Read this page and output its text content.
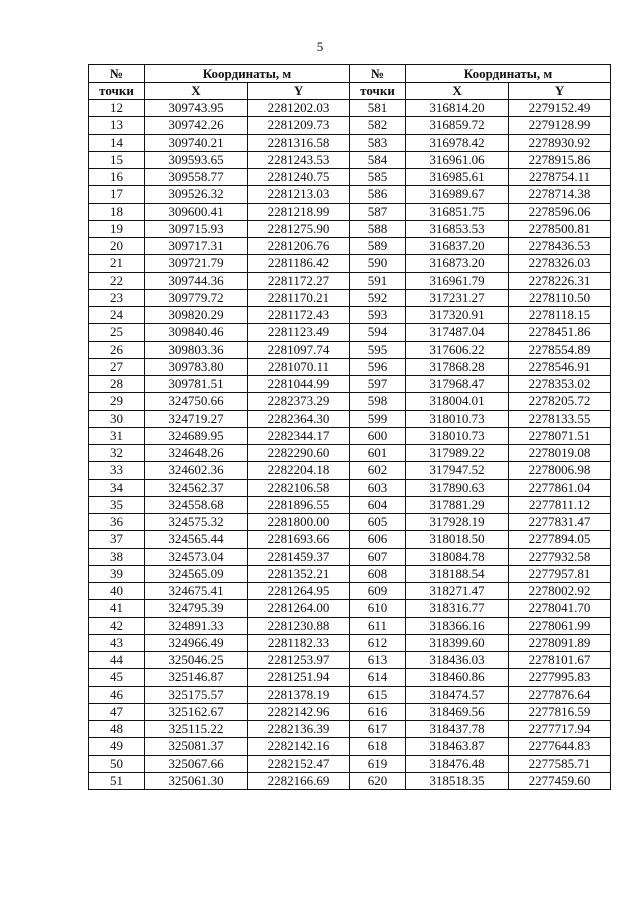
5
№	Координаты, м		№	Координаты, м	
точки	X	Y	точки	X	Y
12	309743.95	2281202.03	581	316814.20	2279152.49
13	309742.26	2281209.73	582	316859.72	2279128.99
14	309740.21	2281316.58	583	316978.42	2278930.92
15	309593.65	2281243.53	584	316961.06	2278915.86
16	309558.77	2281240.75	585	316985.61	2278754.11
17	309526.32	2281213.03	586	316989.67	2278714.38
18	309600.41	2281218.99	587	316851.75	2278596.06
19	309715.93	2281275.90	588	316853.53	2278500.81
20	309717.31	2281206.76	589	316837.20	2278436.53
21	309721.79	2281186.42	590	316873.20	2278326.03
22	309744.36	2281172.27	591	316961.79	2278226.31
23	309779.72	2281170.21	592	317231.27	2278110.50
24	309820.29	2281172.43	593	317320.91	2278118.15
25	309840.46	2281123.49	594	317487.04	2278451.86
26	309803.36	2281097.74	595	317606.22	2278554.89
27	309783.80	2281070.11	596	317868.28	2278546.91
28	309781.51	2281044.99	597	317968.47	2278353.02
29	324750.66	2282373.29	598	318004.01	2278205.72
30	324719.27	2282364.30	599	318010.73	2278133.55
31	324689.95	2282344.17	600	318010.73	2278071.51
32	324648.26	2282290.60	601	317989.22	2278019.08
33	324602.36	2282204.18	602	317947.52	2278006.98
34	324562.37	2282106.58	603	317890.63	2277861.04
35	324558.68	2281896.55	604	317881.29	2277811.12
36	324575.32	2281800.00	605	317928.19	2277831.47
37	324565.44	2281693.66	606	318018.50	2277894.05
38	324573.04	2281459.37	607	318084.78	2277932.58
39	324565.09	2281352.21	608	318188.54	2277957.81
40	324675.41	2281264.95	609	318271.47	2278002.92
41	324795.39	2281264.00	610	318316.77	2278041.70
42	324891.33	2281230.88	611	318366.16	2278061.99
43	324966.49	2281182.33	612	318399.60	2278091.89
44	325046.25	2281253.97	613	318436.03	2278101.67
45	325146.87	2281251.94	614	318460.86	2277995.83
46	325175.57	2281378.19	615	318474.57	2277876.64
47	325162.67	2282142.96	616	318469.56	2277816.59
48	325115.22	2282136.39	617	318437.78	2277717.94
49	325081.37	2282142.16	618	318463.87	2277644.83
50	325067.66	2282152.47	619	318476.48	2277585.71
51	325061.30	2282166.69	620	318518.35	2277459.60
